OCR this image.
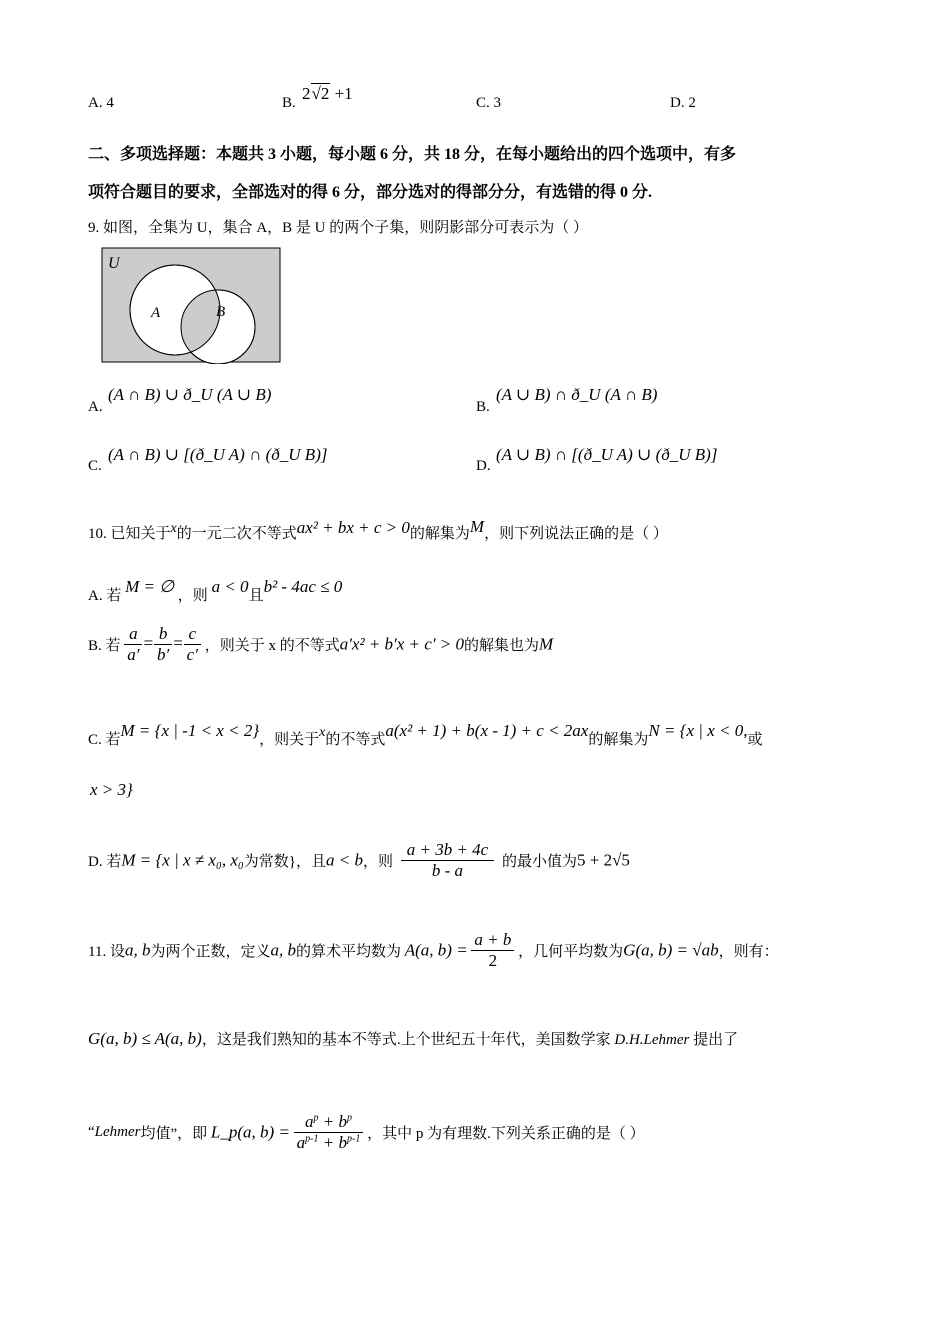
A. 4	B. 2√2 +1	C. 3	D. 2
二、多项选择题：本题共 3 小题，每小题 6 分，共 18 分，在每小题给出的四个选项中，有多
项符合题目的要求，全部选对的得 6 分，部分选对的得部分分，有选错的得 0 分.
9. 如图，全集为 U，集合 A，B 是 U 的两个子集，则阴影部分可表示为（ ）
U
A	B
A.
(A ∩ B) ∪ ð_U (A ∪ B)
B.
(A ∪ B) ∩ ð_U (A ∩ B)
C.
(A ∩ B) ∪ [(ð_U A) ∩ (ð_U B)]
D.
(A ∪ B) ∩ [(ð_U A) ∪ (ð_U B)]
10. 已知关于x的一元二次不等式ax² + bx + c > 0的解集为M，则下列说法正确的是（ ）
A. 若 M = ∅ ，则 a < 0且b² - 4ac ≤ 0
B. 若 $\frac{a}{a'} = \frac{b}{b'} = \frac{c}{c'}$ ，则关于 x 的不等式a′x² + b′x + c′ > 0的解集也为M
C. 若M = {x | -1 < x < 2}，则关于x的不等式a(x² + 1) + b(x - 1) + c < 2ax的解集为N = {x | x < 0,或
x > 3}
D. 若M = {x | x ≠ x₀, x₀为常数}，且a < b，则 $\frac{a + 3b + 4c}{b - a}$ 的最小值为5 + 2√5
11. 设a, b为两个正数，定义a, b的算术平均数为 A(a, $b) = \frac{a + b}{2}$ ，几何平均数为G(a, b) = √ab，则有：
G(a, b) ≤ A(a, b)，这是我们熟知的基本不等式.上个世纪五十年代，美国数学家 D.H.Lehmer 提出了
“Lehmer均值”，即 L_p(a, $b) = \frac{a^p + b^p}{a^{p-1} + b^{p-1}}$ ，其中 p 为有理数.下列关系正确的是（ ）
